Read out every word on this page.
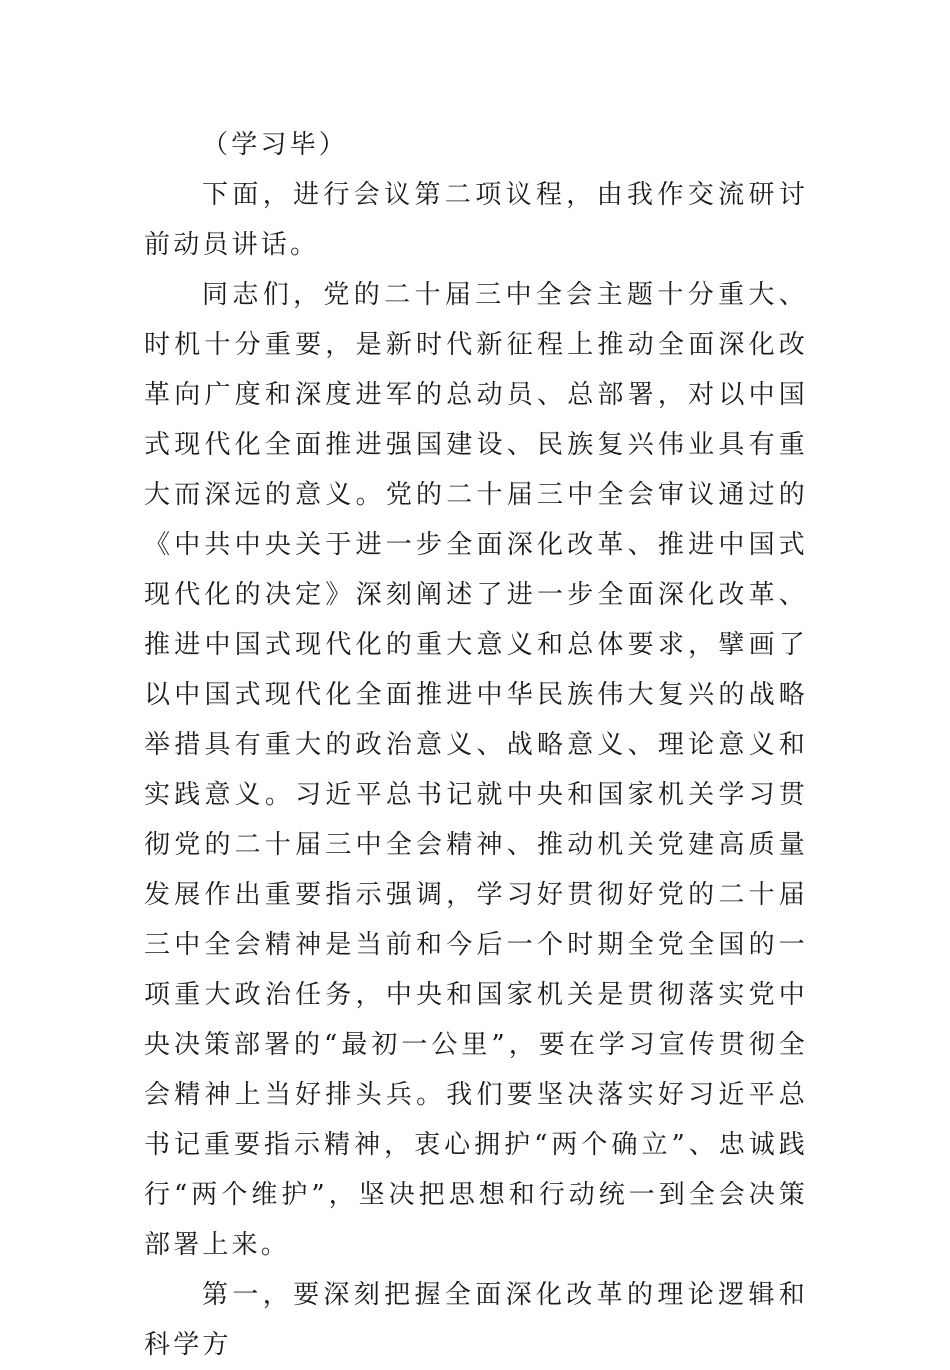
（学习毕）

下面，进行会议第二项议程，由我作交流研讨前动员讲话。

同志们，党的二十届三中全会主题十分重大、时机十分重要，是新时代新征程上推动全面深化改革向广度和深度进军的总动员、总部署，对以中国式现代化全面推进强国建设、民族复兴伟业具有重大而深远的意义。党的二十届三中全会审议通过的《中共中央关于进一步全面深化改革、推进中国式现代化的决定》深刻阐述了进一步全面深化改革、推进中国式现代化的重大意义和总体要求，擘画了以中国式现代化全面推进中华民族伟大复兴的战略举措具有重大的政治意义、战略意义、理论意义和实践意义。习近平总书记就中央和国家机关学习贯彻党的二十届三中全会精神、推动机关党建高质量发展作出重要指示强调，学习好贯彻好党的二十届三中全会精神是当前和今后一个时期全党全国的一项重大政治任务，中央和国家机关是贯彻落实党中央决策部署的“最初一公里”，要在学习宣传贯彻全会精神上当好排头兵。我们要坚决落实好习近平总书记重要指示精神，衷心拥护“两个确立”、忠诚践行“两个维护”，坚决把思想和行动统一到全会决策部署上来。

第一，要深刻把握全面深化改革的理论逻辑和科学方
